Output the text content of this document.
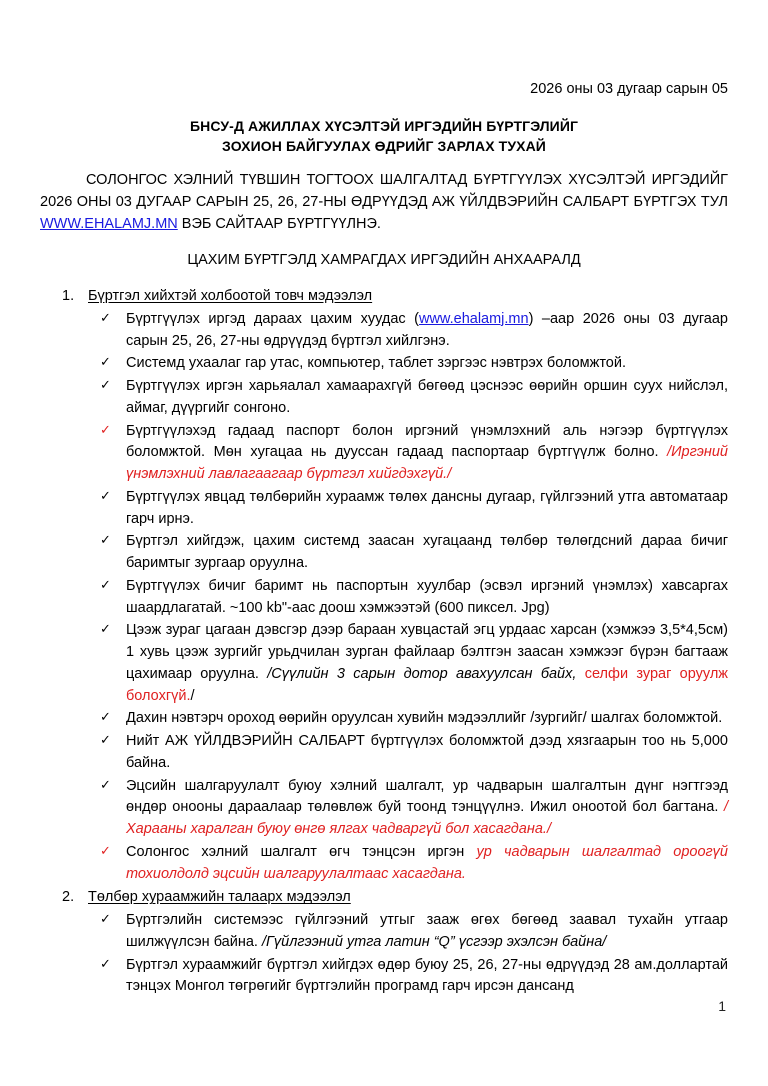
2026 оны 03 дугаар сарын 05
БНСУ-Д АЖИЛЛАХ ХҮСЭЛТЭЙ ИРГЭДИЙН БҮРТГЭЛИЙГ
ЗОХИОН БАЙГУУЛАХ ӨДРИЙГ ЗАРЛАХ ТУХАЙ

СОЛОНГОС ХЭЛНИЙ ТҮВШИН ТОГТООХ ШАЛГАЛТАД БҮРТГҮҮЛЭХ ХҮСЭЛТЭЙ ИРГЭДИЙГ 2026 ОНЫ 03 ДУГААР САРЫН 25, 26, 27-НЫ ӨДРҮҮДЭД АЖ ҮЙЛДВЭРИЙН САЛБАРТ БҮРТГЭХ ТУЛ WWW.EHALAMJ.MN ВЭБ САЙТААР БҮРТГҮҮЛНЭ.

ЦАХИМ БҮРТГЭЛД ХАМРАГДАХ ИРГЭДИЙН АНХААРАЛД

1. Бүртгэл хийхтэй холбоотой товч мэдээлэл
✓ Бүртгүүлэх иргэд дараах цахим хуудас (www.ehalamj.mn) –аар 2026 оны 03 дугаар сарын 25, 26, 27-ны өдрүүдэд бүртгэл хийлгэнэ.
✓ Системд ухаалаг гар утас, компьютер, таблет зэргээс нэвтрэх боломжтой.
✓ Бүртгүүлэх иргэн харьяалал хамаарахгүй бөгөөд цэснээс өөрийн оршин суух нийслэл, аймаг, дүүргийг сонгоно.
✓ Бүртгүүлэхэд гадаад паспорт болон иргэний үнэмлэхний аль нэгээр бүртгүүлэх боломжтой. Мөн хугацаа нь дууссан гадаад паспортаар бүртгүүлж болно. /Иргэний үнэмлэхний лавлагаагаар бүртгэл хийгдэхгүй./
✓ Бүртгүүлэх явцад төлбөрийн хураамж төлөх дансны дугаар, гүйлгээний утга автоматаар гарч ирнэ.
✓ Бүртгэл хийгдэж, цахим системд заасан хугацаанд төлбөр төлөгдсний дараа бичиг баримтыг зургаар оруулна.
✓ Бүртгүүлэх бичиг баримт нь паспортын хуулбар (эсвэл иргэний үнэмлэх) хавсаргах шаардлагатай. ~100 kb"-аас доош хэмжээтэй (600 пиксел. Jpg)
✓ Цээж зураг цагаан дэвсгэр дээр бараан хувцастай эгц урдаас харсан (хэмжээ 3,5*4,5см) 1 хувь цээж зургийг урьдчилан зурган файлаар бэлтгэн заасан хэмжээг бүрэн багтааж цахимаар оруулна. /Сүүлийн 3 сарын дотор авахуулсан байх, селфи зураг оруулж болохгүй./
✓ Дахин нэвтэрч ороход өөрийн оруулсан хувийн мэдээллийг /зургийг/ шалгах боломжтой.
✓ Нийт АЖ ҮЙЛДВЭРИЙН САЛБАРТ бүртгүүлэх боломжтой дээд хязгаарын тоо нь 5,000 байна.
✓ Эцсийн шалгаруулалт буюу хэлний шалгалт, ур чадварын шалгалтын дүнг нэгтгээд өндөр онооны дараалаар төлөвлөж буй тоонд тэнцүүлнэ. Ижил оноотой бол багтана. /Харааны харалган буюу өнгө ялгах чадваргүй бол хасагдана./
✓ Солонгос хэлний шалгалт өгч тэнцсэн иргэн ур чадварын шалгалтад ороогүй тохиолдолд эцсийн шалгаруулалтаас хасагдана.
2. Төлбөр хураамжийн талаарх мэдээлэл
✓ Бүртгэлийн системээс гүйлгээний утгыг зааж өгөх бөгөөд заавал тухайн утгаар шилжүүлсэн байна. /Гүйлгээний утга латин “Q” үсгээр эхэлсэн байна/
✓ Бүртгэл хураамжийг бүртгэл хийгдэх өдөр буюу 25, 26, 27-ны өдрүүдэд 28 ам.доллартай тэнцэх Монгол төгрөгийг бүртгэлийн програмд гарч ирсэн дансанд
1
